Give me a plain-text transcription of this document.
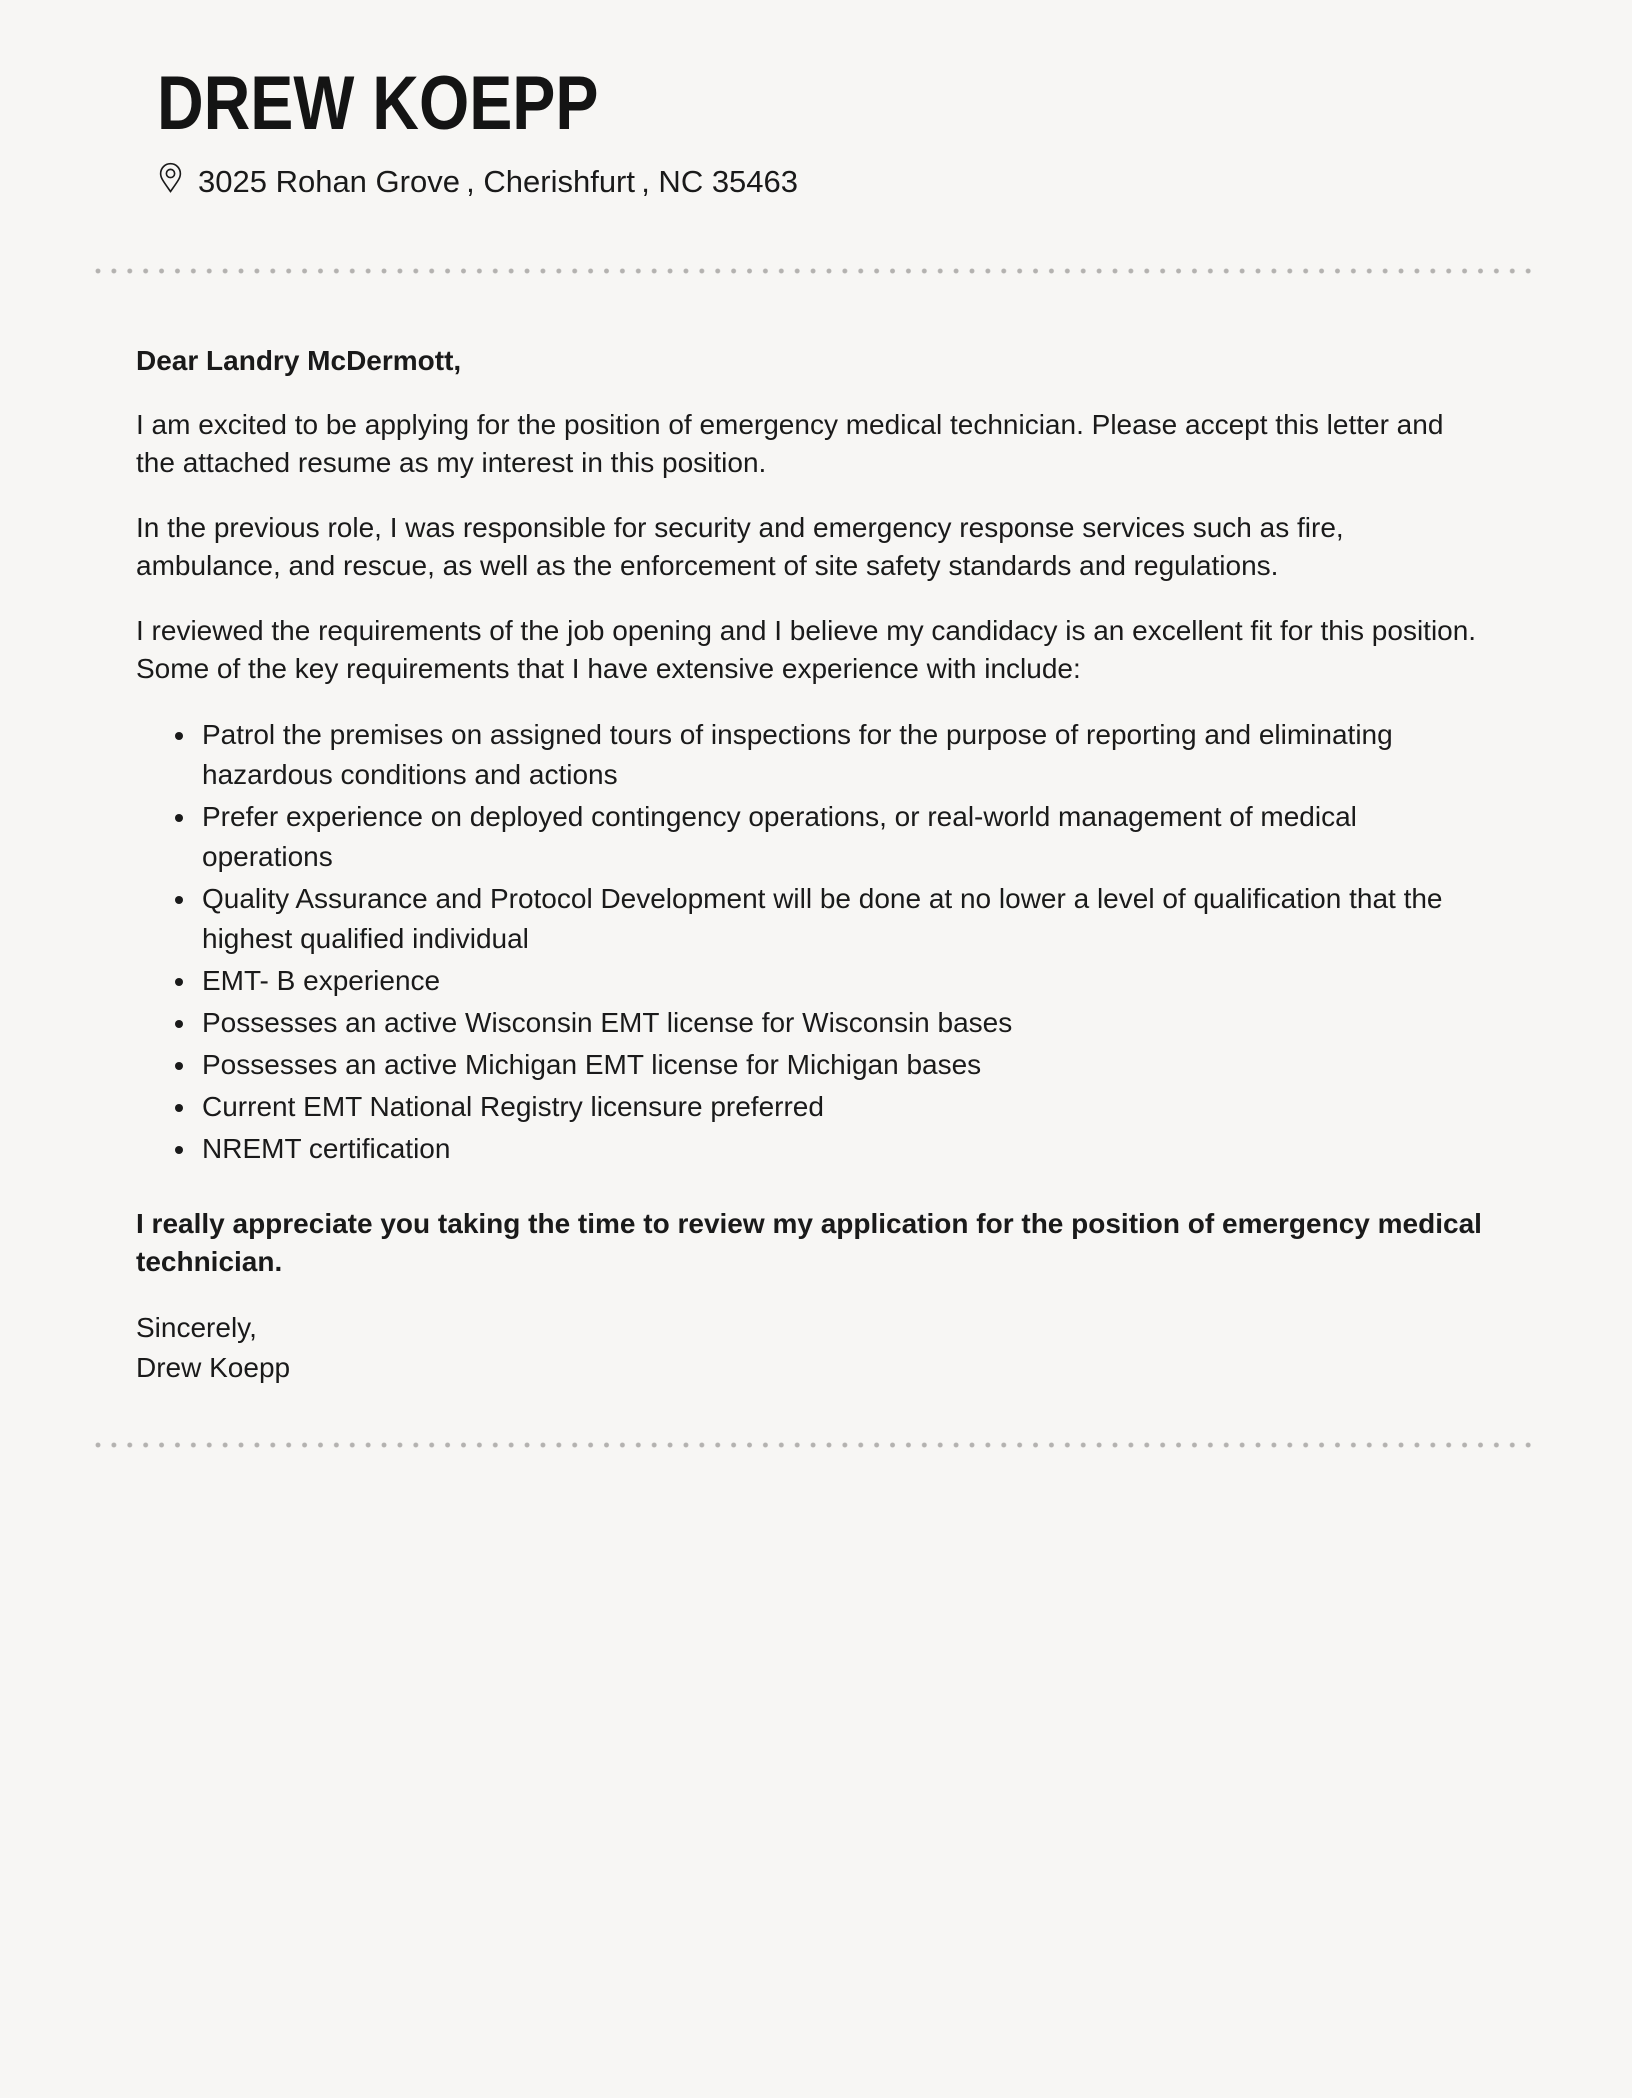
DREW KOEPP
3025 Rohan Grove , Cherishfurt , NC 35463

Dear Landry McDermott,

I am excited to be applying for the position of emergency medical technician. Please accept this letter and the attached resume as my interest in this position.

In the previous role, I was responsible for security and emergency response services such as fire, ambulance, and rescue, as well as the enforcement of site safety standards and regulations.

I reviewed the requirements of the job opening and I believe my candidacy is an excellent fit for this position. Some of the key requirements that I have extensive experience with include:

• Patrol the premises on assigned tours of inspections for the purpose of reporting and eliminating hazardous conditions and actions
• Prefer experience on deployed contingency operations, or real-world management of medical operations
• Quality Assurance and Protocol Development will be done at no lower a level of qualification that the highest qualified individual
• EMT- B experience
• Possesses an active Wisconsin EMT license for Wisconsin bases
• Possesses an active Michigan EMT license for Michigan bases
• Current EMT National Registry licensure preferred
• NREMT certification

I really appreciate you taking the time to review my application for the position of emergency medical technician.

Sincerely,
Drew Koepp
